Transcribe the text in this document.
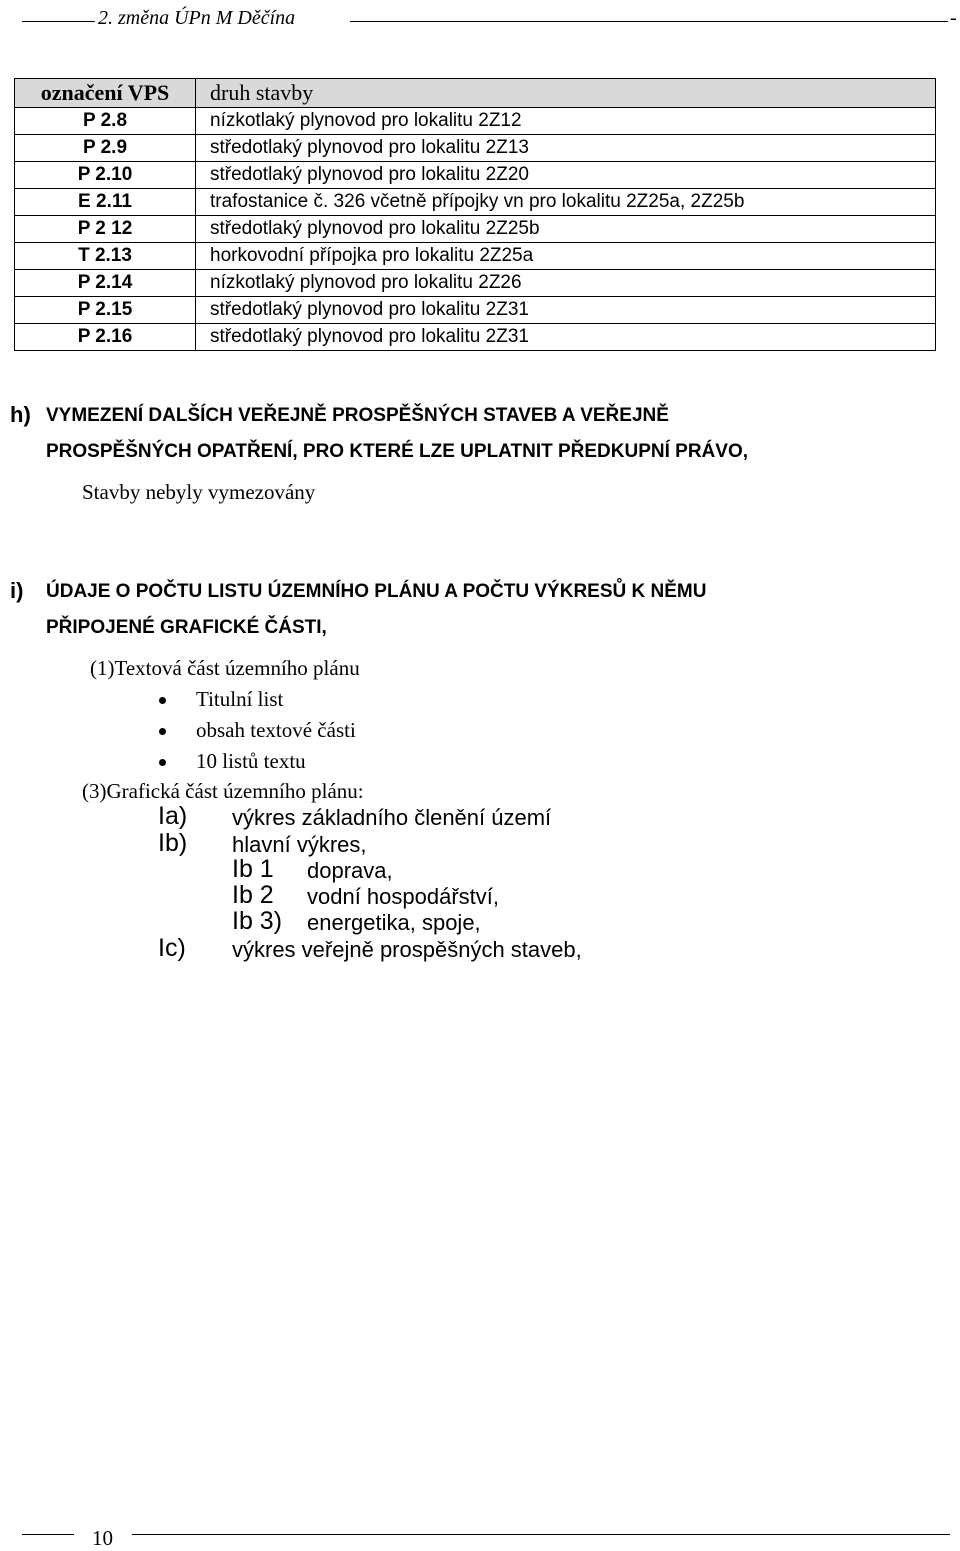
2. změna ÚPn M Děčína	-
označení VPS	druh stavby
P 2.8	nízkotlaký plynovod pro lokalitu 2Z12
P 2.9	středotlaký plynovod pro lokalitu 2Z13
P 2.10	středotlaký plynovod pro lokalitu 2Z20
E 2.11	trafostanice č. 326 včetně přípojky vn pro lokalitu 2Z25a, 2Z25b
P 2 12	středotlaký plynovod pro lokalitu 2Z25b
T 2.13	horkovodní přípojka pro lokalitu 2Z25a
P 2.14	nízkotlaký plynovod pro lokalitu 2Z26
P 2.15	středotlaký plynovod pro lokalitu 2Z31
P 2.16	středotlaký plynovod pro lokalitu 2Z31
h) VYMEZENÍ DALŠÍCH VEŘEJNĚ PROSPĚŠNÝCH STAVEB A VEŘEJNĚ
PROSPĚŠNÝCH OPATŘENÍ, PRO KTERÉ LZE UPLATNIT PŘEDKUPNÍ PRÁVO,
Stavby nebyly vymezovány
i) ÚDAJE O POČTU LISTU ÚZEMNÍHO PLÁNU A POČTU VÝKRESŮ K NĚMU
PŘIPOJENÉ GRAFICKÉ ČÁSTI,
(1)Textová část územního plánu
Titulní list
obsah textové části
10 listů textu
(3)Grafická část územního plánu:
Ia) výkres základního členění území
Ib) hlavní výkres,
Ib 1 doprava,
Ib 2 vodní hospodářství,
Ib 3) energetika, spoje,
Ic) výkres veřejně prospěšných staveb,
10
